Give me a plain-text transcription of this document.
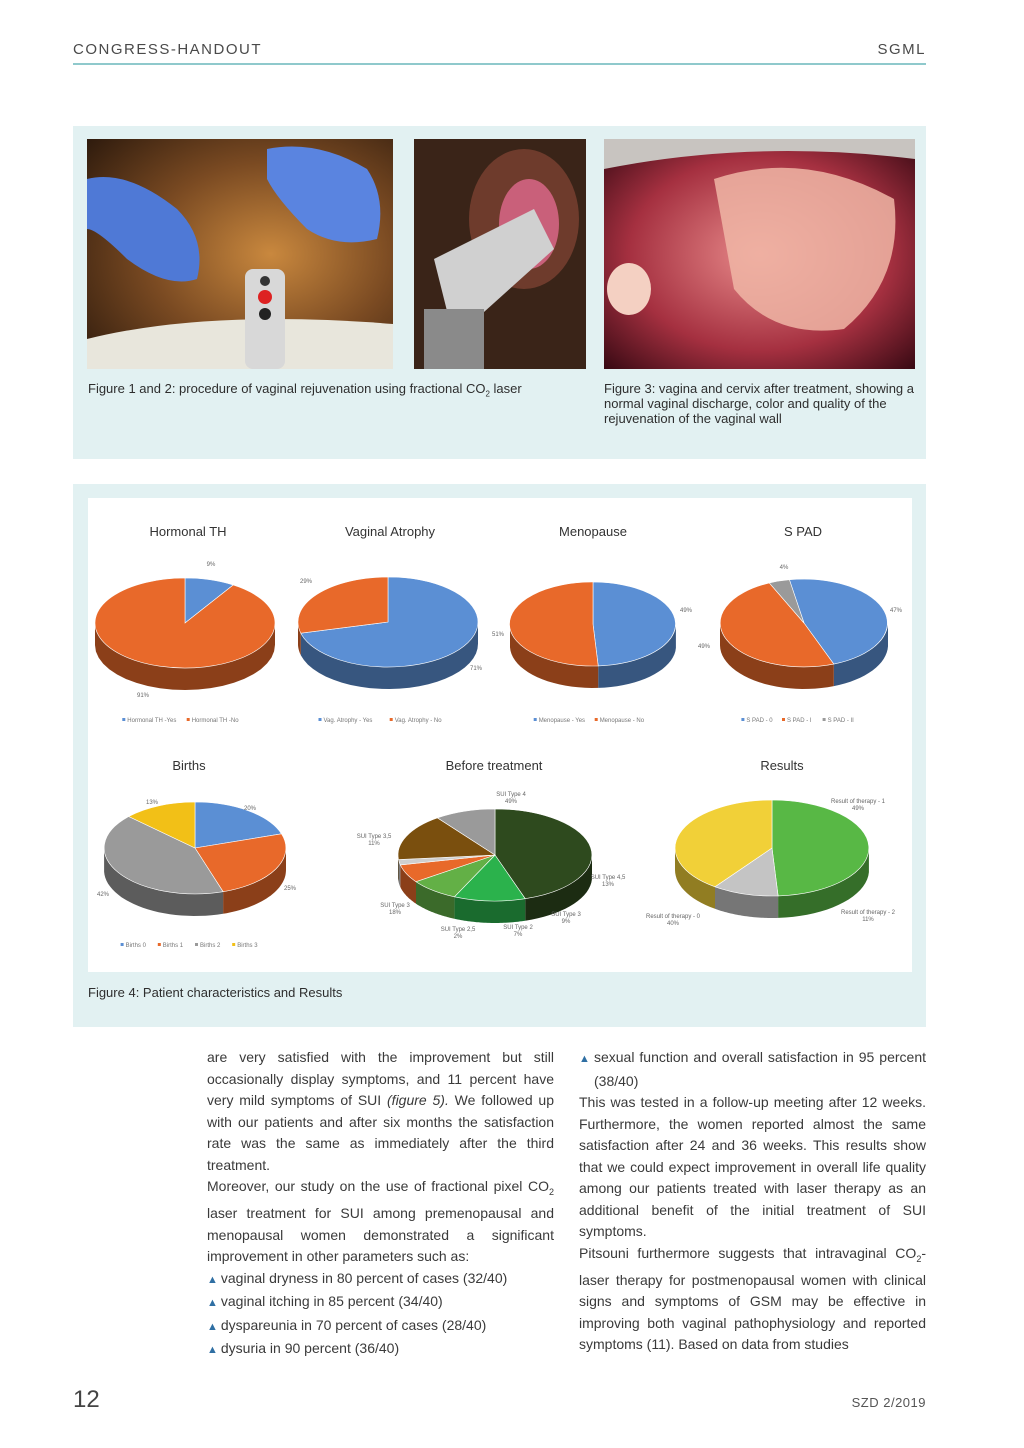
CONGRESS-HANDOUT	SGML
Figure 1 and 2: procedure of vaginal rejuvenation using fractional $CO_2$ laser	Figure 3: vagina and cervix after treatment, showing a normal vaginal discharge, color and quality of the rejuvenation of the vaginal wall
Hormonal TH	Vaginal Atrophy	Menopause	S PAD
Births	Before treatment	Results
9%
91%
Hormonal TH -Yes	Hormonal TH -No
71%
29%
Vag. Atrophy - Yes	Vag. Atrophy - No
49%
51%
Menopause - Yes Menopause - No
47%
49%
4%
S PAD - 0 S PAD - I	S PAD - II
20%
25%
42%
13%
Births 0	Births 1	Births 2	Births 3
SUI Type 4 49%
SUI Type 4,5 13%
SUI Type 3 9%
SUI Type 2 7%
SUI Type 2,5 2%
SUI Type 3 18%
SUI Type 3,5 11%
Result of therapy - 1 49%
Result of therapy - 2 11%
Result of therapy - 0 40%
Figure 4: Patient characteristics and Results

are very satisfied with the improvement but still occasionally display symptoms, and 11 percent have very mild symptoms of SUI (figure 5). We followed up with our patients and after six months the satisfaction rate was the same as immediately after the third treatment.

Moreover, our study on the use of fractional pixel $CO_2$ laser treatment for SUI among premenopausal and menopausal women demonstrated a significant improvement in other parameters such as:

▲ vaginal dryness in 80 percent of cases (32/40)
▲ vaginal itching in 85 percent (34/40)
▲ dyspareunia in 70 percent of cases (28/40)
▲ dysuria in 90 percent (36/40)
▲ sexual function and overall satisfaction in 95 percent (38/40)

This was tested in a follow-up meeting after 12 weeks. Furthermore, the women reported almost the same satisfaction after 24 and 36 weeks. This results show that we could expect improvement in overall life quality among our patients treated with laser therapy as an additional benefit of the initial treatment of SUI symptoms.

Pitsouni furthermore suggests that intravaginal $CO_2$-laser therapy for postmenopausal women with clinical signs and symptoms of GSM may be effective in improving both vaginal pathophysiology and reported symptoms (11). Based on data from studies

12	SZD 2/2019
